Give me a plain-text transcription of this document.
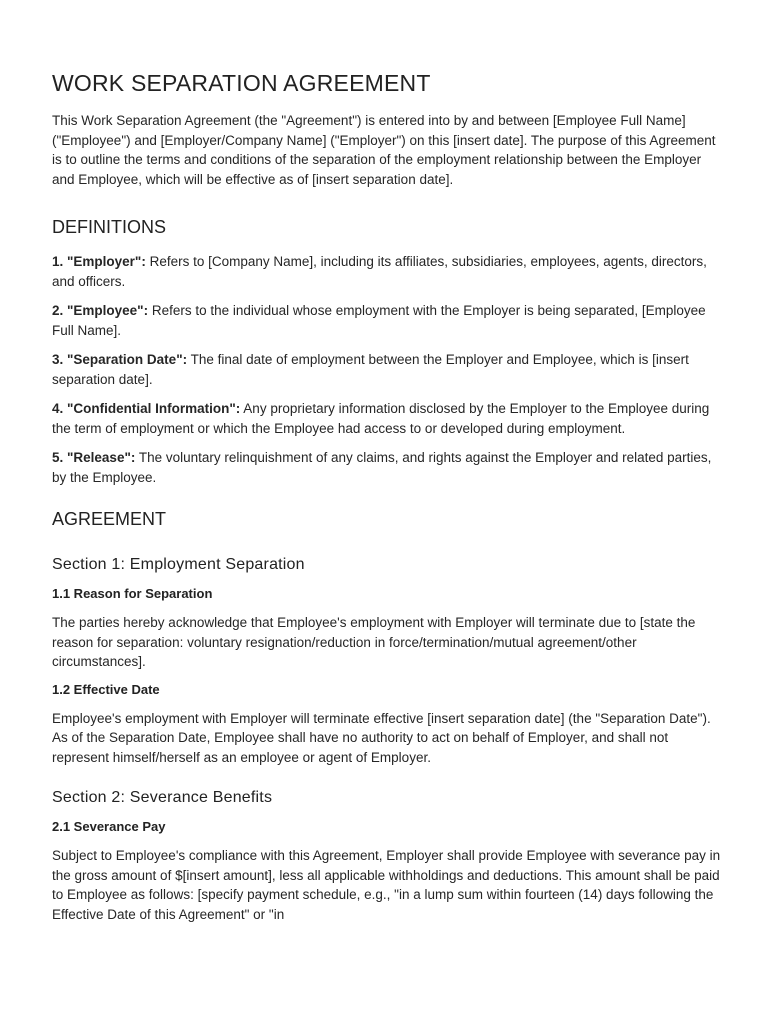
WORK SEPARATION AGREEMENT

This Work Separation Agreement (the "Agreement") is entered into by and between [Employee Full Name] ("Employee") and [Employer/Company Name] ("Employer") on this [insert date]. The purpose of this Agreement is to outline the terms and conditions of the separation of the employment relationship between the Employer and Employee, which will be effective as of [insert separation date].

DEFINITIONS

1. "Employer": Refers to [Company Name], including its affiliates, subsidiaries, employees, agents, directors, and officers.

2. "Employee": Refers to the individual whose employment with the Employer is being separated, [Employee Full Name].

3. "Separation Date": The final date of employment between the Employer and Employee, which is [insert separation date].

4. "Confidential Information": Any proprietary information disclosed by the Employer to the Employee during the term of employment or which the Employee had access to or developed during employment.

5. "Release": The voluntary relinquishment of any claims, and rights against the Employer and related parties, by the Employee.

AGREEMENT
Section 1: Employment Separation
1.1 Reason for Separation

The parties hereby acknowledge that Employee's employment with Employer will terminate due to [state the reason for separation: voluntary resignation/reduction in force/termination/mutual agreement/other circumstances].

1.2 Effective Date

Employee's employment with Employer will terminate effective [insert separation date] (the "Separation Date"). As of the Separation Date, Employee shall have no authority to act on behalf of Employer, and shall not represent himself/herself as an employee or agent of Employer.

Section 2: Severance Benefits
2.1 Severance Pay

Subject to Employee's compliance with this Agreement, Employer shall provide Employee with severance pay in the gross amount of $[insert amount], less all applicable withholdings and deductions. This amount shall be paid to Employee as follows: [specify payment schedule, e.g., "in a lump sum within fourteen (14) days following the Effective Date of this Agreement" or "in
